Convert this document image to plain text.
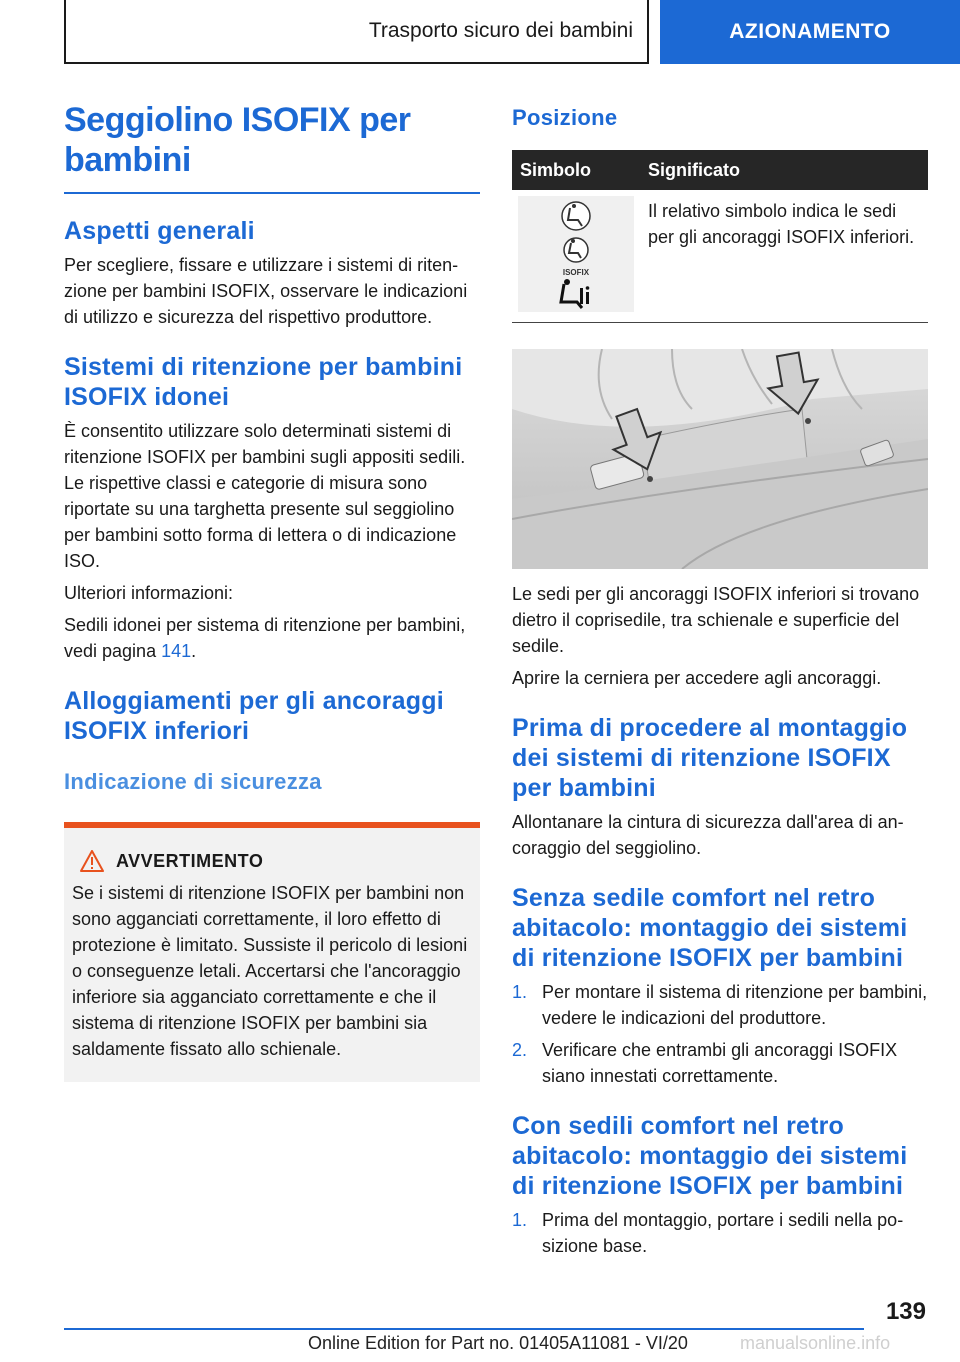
Trasporto sicuro dei bambini	AZIONAMENTO
Seggiolino ISOFIX per bambini
Aspetti generali
Per scegliere, fissare e utilizzare i sistemi di ritenzione per bambini ISOFIX, osservare le indicazioni di utilizzo e sicurezza del rispettivo produttore.
Sistemi di ritenzione per bambini ISOFIX idonei
È consentito utilizzare solo determinati sistemi di ritenzione ISOFIX per bambini sugli appositi sedili. Le rispettive classi e categorie di misura sono riportate su una targhetta presente sul seggiolino per bambini sotto forma di lettera o di indicazione ISO.
Ulteriori informazioni:
Sedili idonei per sistema di ritenzione per bambini, vedi pagina 141.
Alloggiamenti per gli ancoraggi ISOFIX inferiori
Indicazione di sicurezza
AVVERTIMENTO
Se i sistemi di ritenzione ISOFIX per bambini non sono agganciati correttamente, il loro effetto di protezione è limitato. Sussiste il pericolo di lesioni o conseguenze letali. Accertarsi che l'ancoraggio inferiore sia agganciato correttamente e che il sistema di ritenzione ISOFIX per bambini sia saldamente fissato allo schienale.
Posizione
Simbolo	Significato

ISOFIX	Il relativo simbolo indica le sedi per gli ancoraggi ISOFIX inferiori.
Le sedi per gli ancoraggi ISOFIX inferiori si trovano dietro il coprisedile, tra schienale e superficie del sedile.
Aprire la cerniera per accedere agli ancoraggi.
Prima di procedere al montaggio dei sistemi di ritenzione ISOFIX per bambini
Allontanare la cintura di sicurezza dall'area di ancoraggio del seggiolino.
Senza sedile comfort nel retro abitacolo: montaggio dei sistemi di ritenzione ISOFIX per bambini
1. Per montare il sistema di ritenzione per bambini, vedere le indicazioni del produttore.
2. Verificare che entrambi gli ancoraggi ISOFIX siano innestati correttamente.
Con sedili comfort nel retro abitacolo: montaggio dei sistemi di ritenzione ISOFIX per bambini
1. Prima del montaggio, portare i sedili nella posizione base.
139
Online Edition for Part no. 01405A11081 - VI/20	manualsonline.info
